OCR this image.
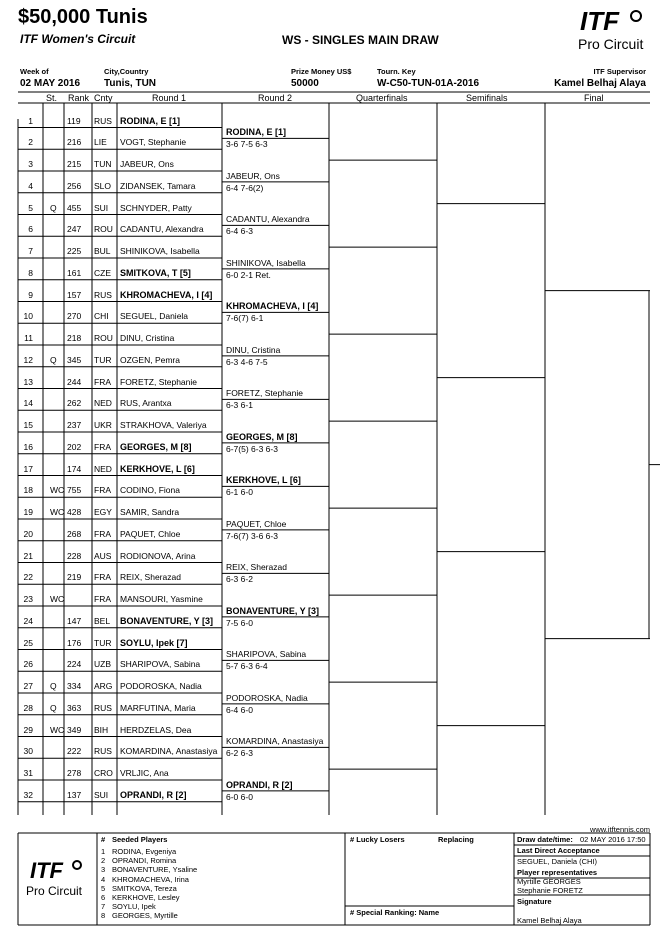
$50,000 Tunis
ITF Women's Circuit	WS - SINGLES MAIN DRAW
ITF
Pro Circuit
Week of
02 MAY 2016
City,Country
Tunis, TUN
Prize Money US$
50000
Tourn. Key
W-C50-TUN-01A-2016
ITF Supervisor
Kamel Belhaj Alaya
St. Rank Cnty	Round 1	Round 2	Quarterfinals	Semifinals	Final
1	119 RUS RODINA, E [1]
2	216 LIE VOGT, Stephanie
3	215 TUN JABEUR, Ons
4	256 SLO ZIDANSEK, Tamara
5 Q 455 SUI SCHNYDER, Patty
6	247 ROU CADANTU, Alexandra
7	225 BUL SHINIKOVA, Isabella
8	161 CZE SMITKOVA, T [5]
9	157 RUS KHROMACHEVA, I [4]
10	270 CHI SEGUEL, Daniela
11	218 ROU DINU, Cristina
12 Q 345 TUR OZGEN, Pemra
13	244 FRA FORETZ, Stephanie
14	262 NED RUS, Arantxa
15	237 UKR STRAKHOVA, Valeriya
16	202 FRA GEORGES, M [8]
17	174 NED KERKHOVE, L [6]
18 WC 755 FRA CODINO, Fiona
19 WC 428 EGY SAMIR, Sandra
20	268 FRA PAQUET, Chloe
21	228 AUS RODIONOVA, Arina
22	219 FRA REIX, Sherazad
23 WC	FRA MANSOURI, Yasmine
24	147 BEL BONAVENTURE, Y [3]
25	176 TUR SOYLU, Ipek [7]
26	224 UZB SHARIPOVA, Sabina
27 Q 334 ARG PODOROSKA, Nadia
28 Q 363 RUS MARFUTINA, Maria
29 WC 349 BIH HERDZELAS, Dea
30	222 RUS KOMARDINA, Anastasiya
31	278 CRO VRLJIC, Ana
32	137 SUI OPRANDI, R [2]
RODINA, E [1]
3-6 7-5 6-3
JABEUR, Ons
6-4 7-6(2)
CADANTU, Alexandra
6-4 6-3
SHINIKOVA, Isabella
6-0 2-1 Ret.
KHROMACHEVA, I [4]
7-6(7) 6-1
DINU, Cristina
6-3 4-6 7-5
FORETZ, Stephanie
6-3 6-1
GEORGES, M [8]
6-7(5) 6-3 6-3
KERKHOVE, L [6]
6-1 6-0
PAQUET, Chloe
7-6(7) 3-6 6-3
REIX, Sherazad
6-3 6-2
BONAVENTURE, Y [3]
7-5 6-0
SHARIPOVA, Sabina
5-7 6-3 6-4
PODOROSKA, Nadia
6-4 6-0
KOMARDINA, Anastasiya
6-2 6-3
OPRANDI, R [2]
6-0 6-0
www.itftennis.com
# Seeded Players
1 RODINA, Evgeniya
2 OPRANDI, Romina
3 BONAVENTURE, Ysaline
4 KHROMACHEVA, Irina
5 SMITKOVA, Tereza
6 KERKHOVE, Lesley
7 SOYLU, Ipek
8 GEORGES, Myrtille
# Lucky Losers	Replacing
# Special Ranking: Name
Draw date/time: 02 MAY 2016 17:50
Last Direct Acceptance
SEGUEL, Daniela (CHI)
Player representatives
Myrtille GEORGES
Stephanie FORETZ
Signature
Kamel Belhaj Alaya
ITF
Pro Circuit
